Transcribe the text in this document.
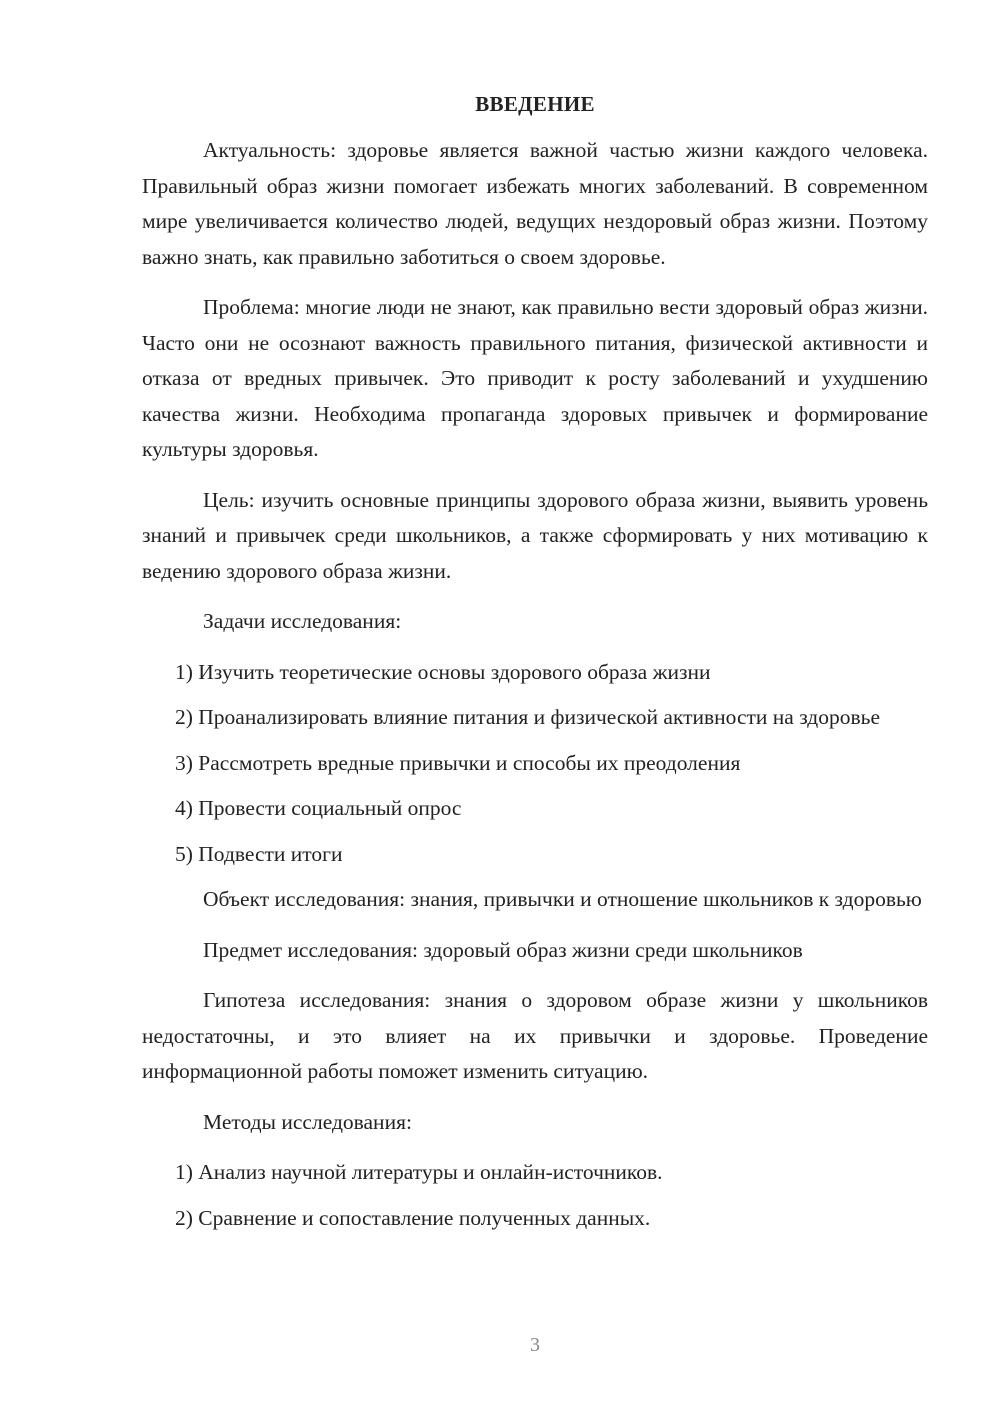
ВВЕДЕНИЕ

Актуальность: здоровье является важной частью жизни каждого человека. Правильный образ жизни помогает избежать многих заболеваний. В современном мире увеличивается количество людей, ведущих нездоровый образ жизни. Поэтому важно знать, как правильно заботиться о своем здоровье.

Проблема: многие люди не знают, как правильно вести здоровый образ жизни. Часто они не осознают важность правильного питания, физической активности и отказа от вредных привычек. Это приводит к росту заболеваний и ухудшению качества жизни. Необходима пропаганда здоровых привычек и формирование культуры здоровья.

Цель: изучить основные принципы здорового образа жизни, выявить уровень знаний и привычек среди школьников, а также сформировать у них мотивацию к ведению здорового образа жизни.

Задачи исследования:

1) Изучить теоретические основы здорового образа жизни

2) Проанализировать влияние питания и физической активности на здоровье

3) Рассмотреть вредные привычки и способы их преодоления

4) Провести социальный опрос

5) Подвести итоги

Объект исследования: знания, привычки и отношение школьников к здоровью

Предмет исследования: здоровый образ жизни среди школьников

Гипотеза исследования: знания о здоровом образе жизни у школьников недостаточны, и это влияет на их привычки и здоровье. Проведение информационной работы поможет изменить ситуацию.

Методы исследования:

1) Анализ научной литературы и онлайн-источников.

2) Сравнение и сопоставление полученных данных.

3
